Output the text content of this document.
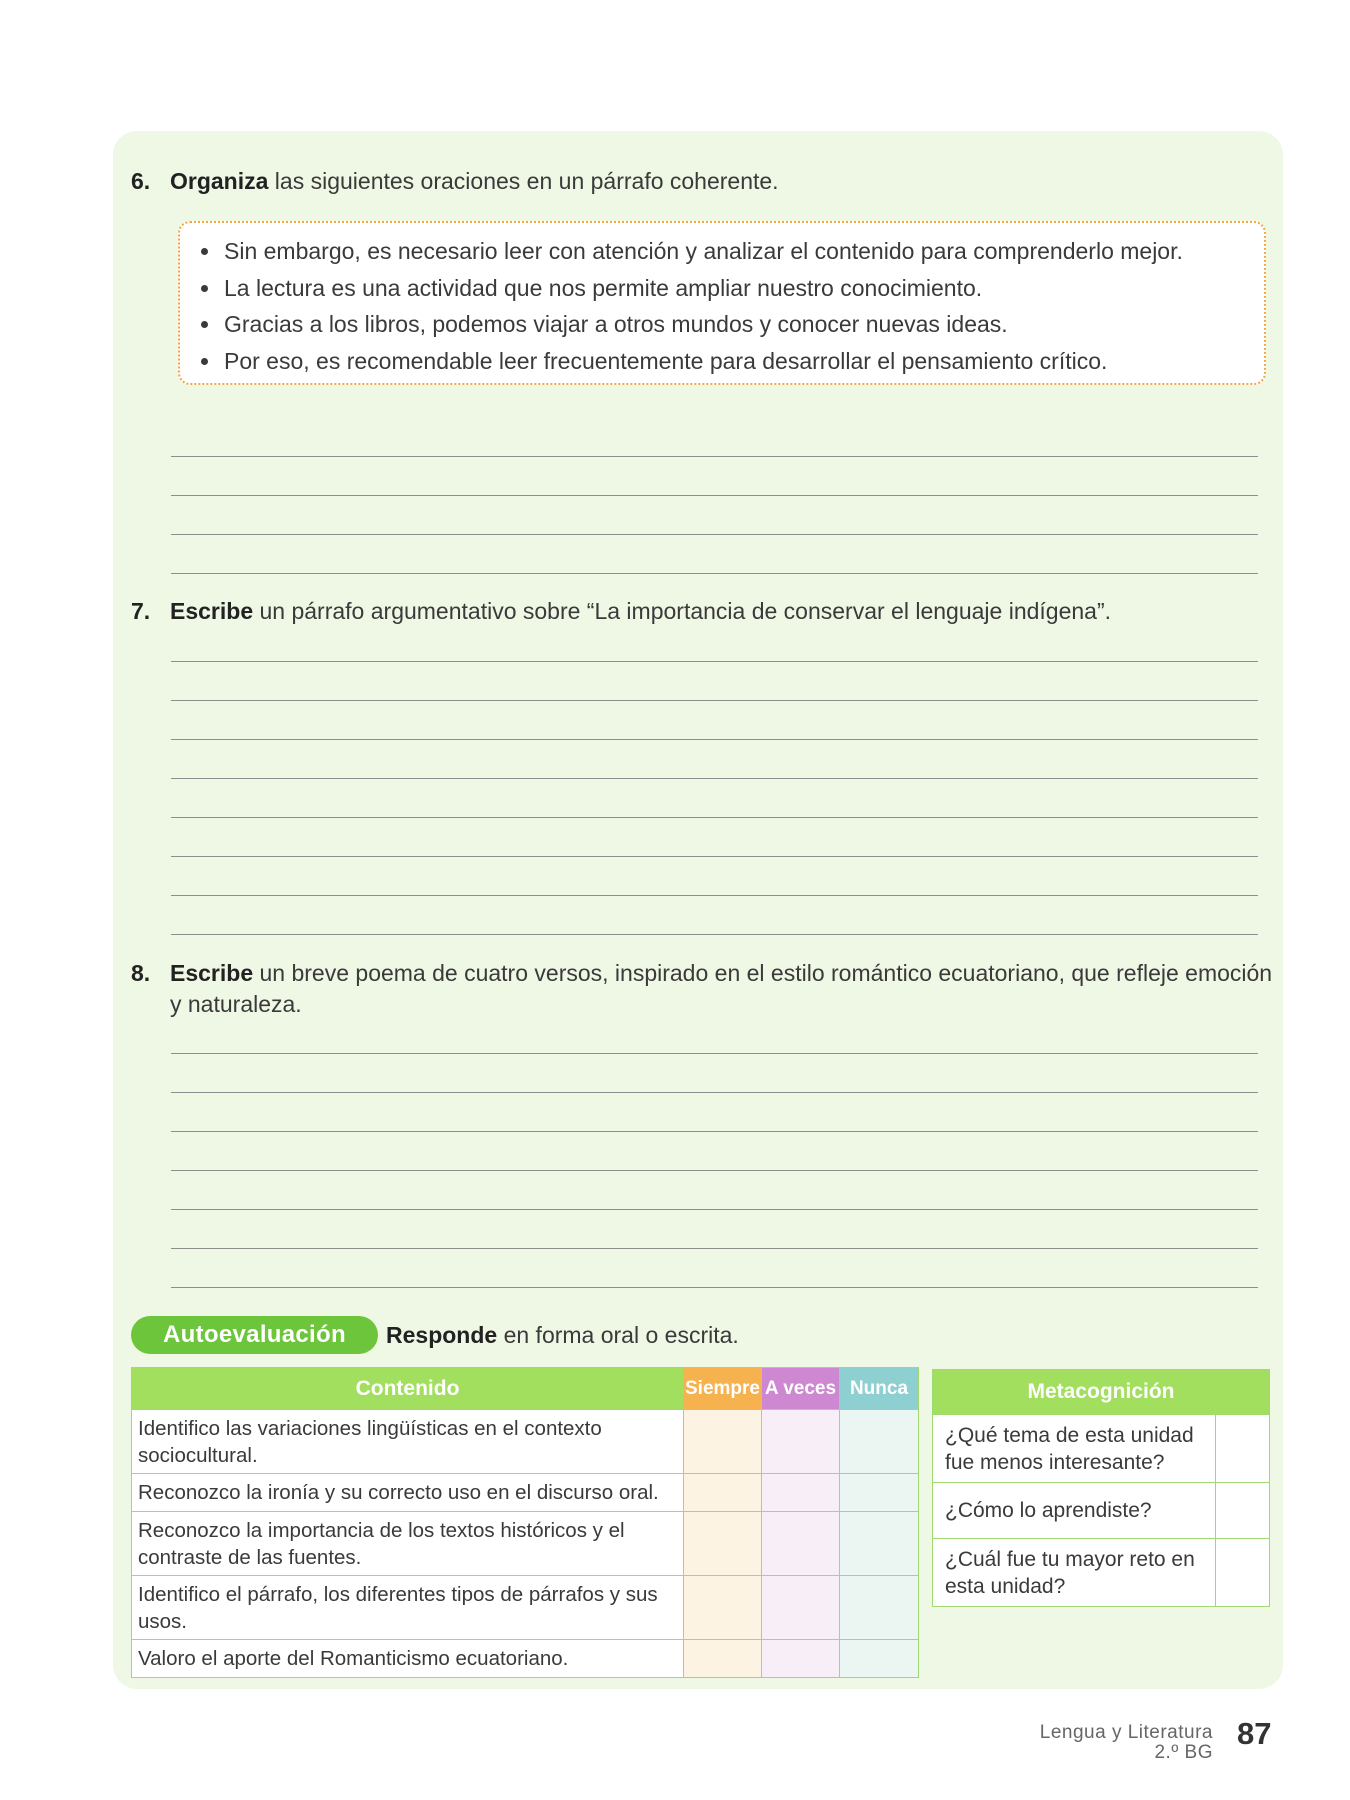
6. Organiza las siguientes oraciones en un párrafo coherente.
Sin embargo, es necesario leer con atención y analizar el contenido para comprenderlo mejor.
La lectura es una actividad que nos permite ampliar nuestro conocimiento.
Gracias a los libros, podemos viajar a otros mundos y conocer nuevas ideas.
Por eso, es recomendable leer frecuentemente para desarrollar el pensamiento crítico.
7. Escribe un párrafo argumentativo sobre “La importancia de conservar el lenguaje indígena”.
8. Escribe un breve poema de cuatro versos, inspirado en el estilo romántico ecuatoriano, que refleje emoción y naturaleza.
Autoevaluación	Responde en forma oral o escrita.
Contenido	Siempre	A veces	Nunca
Identifico las variaciones lingüísticas en el contexto sociocultural.			
Reconozco la ironía y su correcto uso en el discurso oral.			
Reconozco la importancia de los textos históricos y el contraste de las fuentes.			
Identifico el párrafo, los diferentes tipos de párrafos y sus usos.			
Valoro el aporte del Romanticismo ecuatoriano.			
Metacognición	
¿Qué tema de esta unidad fue menos interesante?	
¿Cómo lo aprendiste?	
¿Cuál fue tu mayor reto en esta unidad?	
Lengua y Literatura
2.º BG
87
